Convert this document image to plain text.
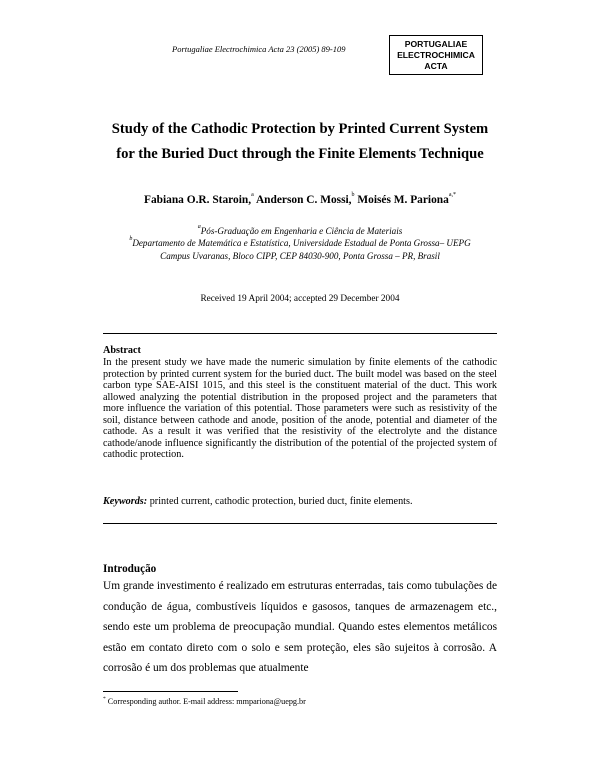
Portugaliae Electrochimica Acta 23 (2005) 89-109	PORTUGALIAE
ELECTROCHIMICA
ACTA
Study of the Cathodic Protection by Printed Current System
for the Buried Duct through the Finite Elements Technique
Fabiana O.R. Staroin,$^a$ Anderson C. Mossi,$^b$ Moisés M. Pariona$^{a,*}$
$^a$Pós-Graduação em Engenharia e Ciência de Materiais
$^b$Departamento de Matemática e Estatística, Universidade Estadual de Ponta Grossa– UEPG
Campus Uvaranas, Bloco CIPP, CEP 84030-900, Ponta Grossa – PR, Brasil
Received 19 April 2004; accepted 29 December 2004
Abstract

In the present study we have made the numeric simulation by finite elements of the cathodic protection by printed current system for the buried duct. The built model was based on the steel carbon type SAE-AISI 1015, and this steel is the constituent material of the duct. This work allowed analyzing the potential distribution in the proposed project and the parameters that more influence the variation of this potential. Those parameters were such as resistivity of the soil, distance between cathode and anode, position of the anode, potential and diameter of the cathode. As a result it was verified that the resistivity of the electrolyte and the distance cathode/anode influence significantly the distribution of the potential of the projected system of cathodic protection.

Keywords: printed current, cathodic protection, buried duct, finite elements.
Introdução

Um grande investimento é realizado em estruturas enterradas, tais como tubulações de condução de água, combustíveis líquidos e gasosos, tanques de armazenagem etc., sendo este um problema de preocupação mundial. Quando estes elementos metálicos estão em contato direto com o solo e sem proteção, eles são sujeitos à corrosão. A corrosão é um dos problemas que atualmente

* Corresponding author. E-mail address: mmpariona@uepg.br
